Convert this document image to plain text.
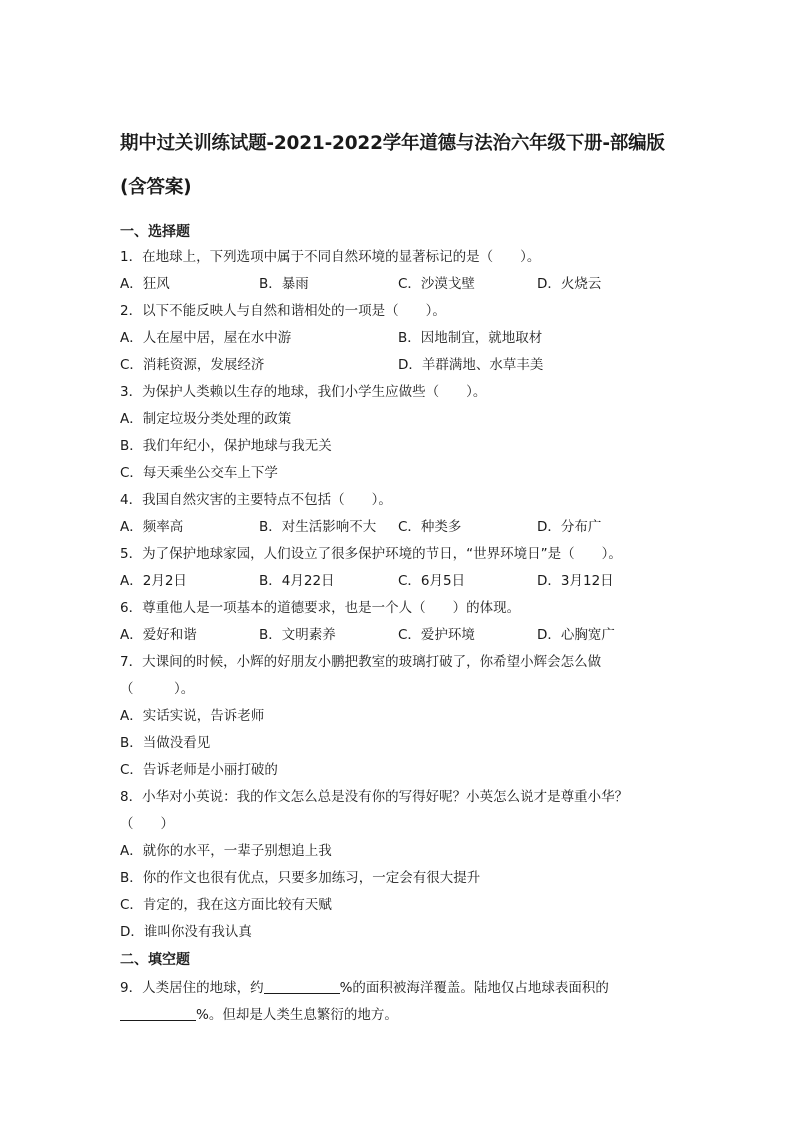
期中过关训练试题-2021-2022学年道德与法治六年级下册-部编版(含答案)
一、选择题
1．在地球上，下列选项中属于不同自然环境的显著标记的是（　　）。
A．狂风	B．暴雨	C．沙漠戈壁	D．火烧云
2．以下不能反映人与自然和谐相处的一项是（　　）。
A．人在屋中居，屋在水中游	B．因地制宜，就地取材
C．消耗资源，发展经济	D．羊群满地、水草丰美
3．为保护人类赖以生存的地球，我们小学生应做些（　　）。
A．制定垃圾分类处理的政策
B．我们年纪小，保护地球与我无关
C．每天乘坐公交车上下学
4．我国自然灾害的主要特点不包括（　　）。
A．频率高	B．对生活影响不大	C．种类多	D．分布广
5．为了保护地球家园，人们设立了很多保护环境的节日，“世界环境日”是（　　）。
A．2月2日	B．4月22日	C．6月5日	D．3月12日
6．尊重他人是一项基本的道德要求，也是一个人（　　）的体现。
A．爱好和谐	B．文明素养	C．爱护环境	D．心胸宽广
7．大课间的时候，小辉的好朋友小鹏把教室的玻璃打破了，你希望小辉会怎么做
（　　　）。
A．实话实说，告诉老师
B．当做没看见
C．告诉老师是小丽打破的
8．小华对小英说：我的作文怎么总是没有你的写得好呢？小英怎么说才是尊重小华？
（　　）
A．就你的水平，一辈子别想追上我
B．你的作文也很有优点，只要多加练习，一定会有很大提升
C．肯定的，我在这方面比较有天赋
D．谁叫你没有我认真
二、填空题
9．人类居住的地球，约	%的面积被海洋覆盖。陆地仅占地球表面积的
%。但却是人类生息繁衍的地方。
